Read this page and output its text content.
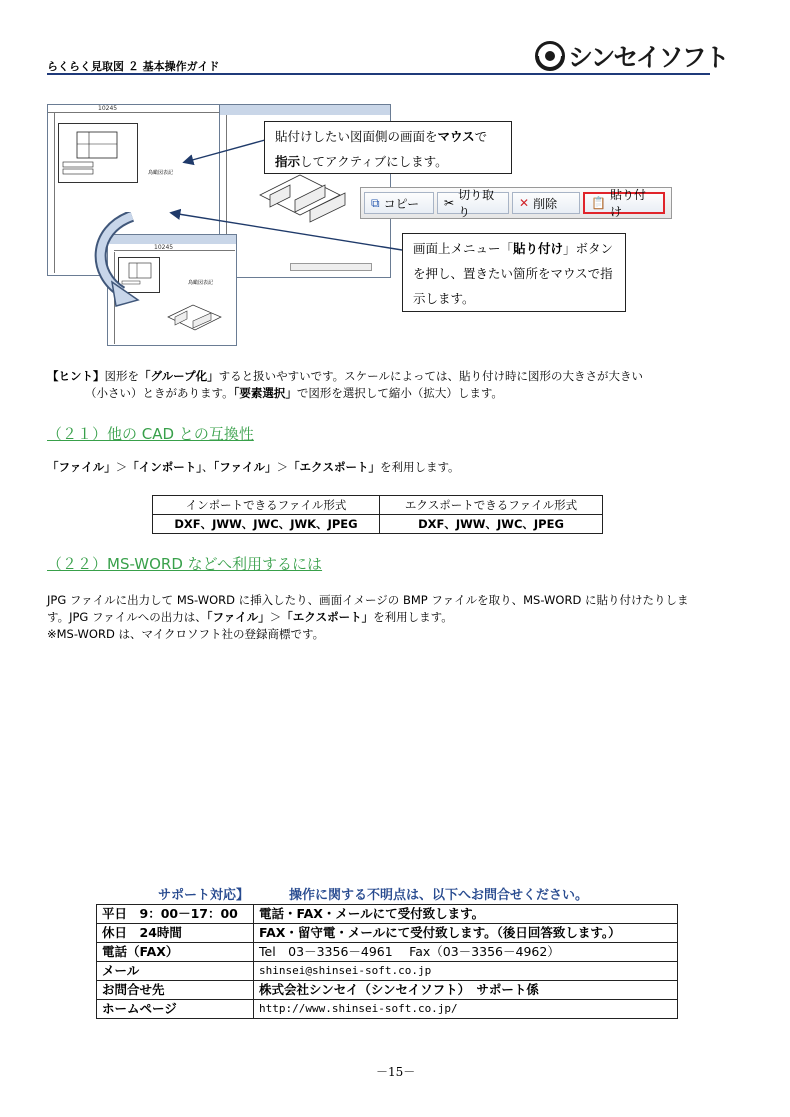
らくらく見取図 ２ 基本操作ガイド	シンセイソフト
10245
鳥瞰図表記
10245
鳥瞰図表記
貼付けしたい図面側の画面をマウスで
指示してアクティブにします。
⧉ コピー ✂
切り取り
✕ 削除	📋
貼り付け
画面上メニュー「貼り付け」ボタン
を押し、置きたい箇所をマウスで指
示します。
【ヒント】図形を「グループ化」すると扱いやすいです。スケールによっては、貼り付け時に図形の大きさが大きい
（小さい）ときがあります。「要素選択」で図形を選択して縮小（拡大）します。
（２１）他の CAD との互換性
「ファイル」＞「インポート」、「ファイル」＞「エクスポート」を利用します。
インポートできるファイル形式	エクスポートできるファイル形式
DXF、JWW、JWC、JWK、JPEG	DXF、JWW、JWC、JPEG
（２２）MS-WORD などへ利用するには
JPG ファイルに出力して MS-WORD に挿入したり、画面イメージの BMP ファイルを取り、MS-WORD に貼り付けたりしま
す。JPG ファイルへの出力は、「ファイル」＞「エクスポート」を利用します。
※MS-WORD は、マイクロソフト社の登録商標です。
サポート対応】	操作に関する不明点は、以下へお問合せください。
平日　9：00－17：00	電話・FAX・メールにて受付致します。
休日　24時間	FAX・留守電・メールにて受付致します。（後日回答致します。）
電話（FAX）	Tel　03－3356－4961　 Fax（03－3356－4962）
メール	shinsei@shinsei-soft.co.jp
お問合せ先	株式会社シンセイ（シンセイソフト）　サポート係
ホームページ	http://www.shinsei-soft.co.jp/
－15－
